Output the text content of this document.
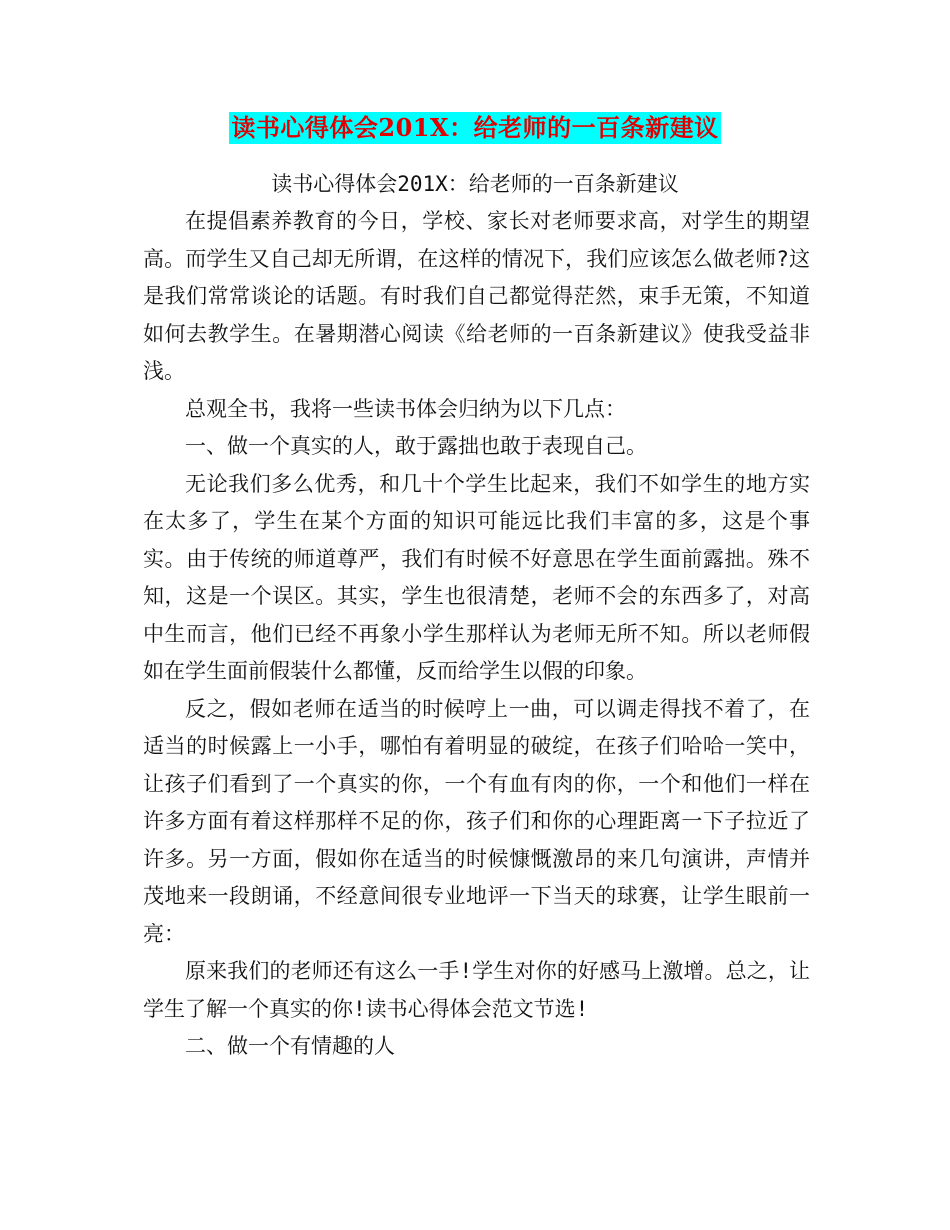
读书心得体会201X：给老师的一百条新建议
读书心得体会201X：给老师的一百条新建议

在提倡素养教育的今日，学校、家长对老师要求高，对学生的期望高。而学生又自己却无所谓，在这样的情况下，我们应该怎么做老师?这是我们常常谈论的话题。有时我们自己都觉得茫然，束手无策，不知道如何去教学生。在暑期潜心阅读《给老师的一百条新建议》使我受益非浅。

总观全书，我将一些读书体会归纳为以下几点：

一、做一个真实的人，敢于露拙也敢于表现自己。

无论我们多么优秀，和几十个学生比起来，我们不如学生的地方实在太多了，学生在某个方面的知识可能远比我们丰富的多，这是个事实。由于传统的师道尊严，我们有时候不好意思在学生面前露拙。殊不知，这是一个误区。其实，学生也很清楚，老师不会的东西多了，对高中生而言，他们已经不再象小学生那样认为老师无所不知。所以老师假如在学生面前假装什么都懂，反而给学生以假的印象。

反之，假如老师在适当的时候哼上一曲，可以调走得找不着了，在适当的时候露上一小手，哪怕有着明显的破绽，在孩子们哈哈一笑中，让孩子们看到了一个真实的你，一个有血有肉的你，一个和他们一样在许多方面有着这样那样不足的你，孩子们和你的心理距离一下子拉近了许多。另一方面，假如你在适当的时候慷慨激昂的来几句演讲，声情并茂地来一段朗诵，不经意间很专业地评一下当天的球赛，让学生眼前一亮：

原来我们的老师还有这么一手!学生对你的好感马上激增。总之，让学生了解一个真实的你!读书心得体会范文节选!

二、做一个有情趣的人
